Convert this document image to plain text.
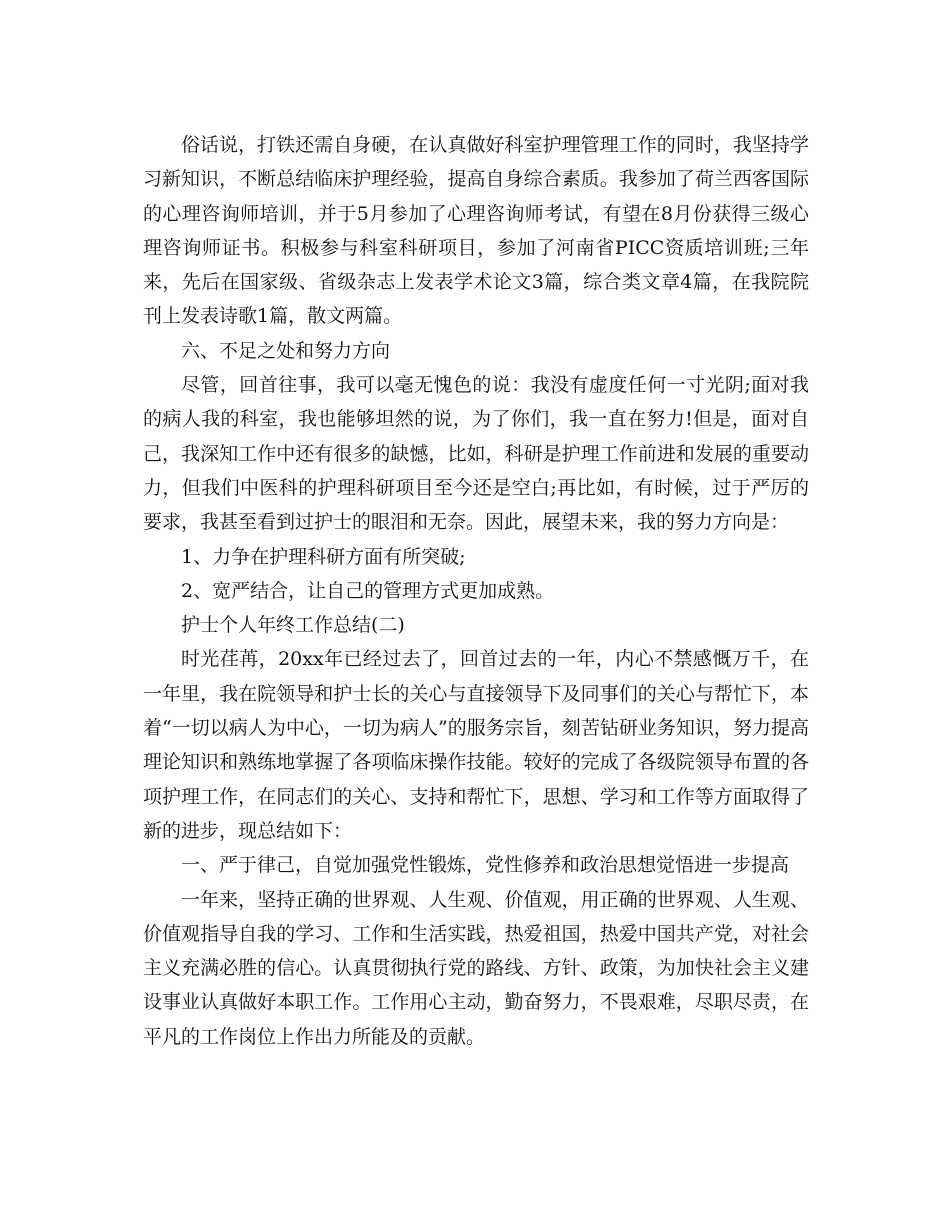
俗话说，打铁还需自身硬，在认真做好科室护理管理工作的同时，我坚持学习新知识，不断总结临床护理经验，提高自身综合素质。我参加了荷兰西客国际的心理咨询师培训，并于5月参加了心理咨询师考试，有望在8月份获得三级心理咨询师证书。积极参与科室科研项目，参加了河南省PICC资质培训班;三年来，先后在国家级、省级杂志上发表学术论文3篇，综合类文章4篇，在我院院刊上发表诗歌1篇，散文两篇。

六、不足之处和努力方向

尽管，回首往事，我可以毫无愧色的说：我没有虚度任何一寸光阴;面对我的病人我的科室，我也能够坦然的说，为了你们，我一直在努力!但是，面对自己，我深知工作中还有很多的缺憾，比如，科研是护理工作前进和发展的重要动力，但我们中医科的护理科研项目至今还是空白;再比如，有时候，过于严厉的要求，我甚至看到过护士的眼泪和无奈。因此，展望未来，我的努力方向是：

1、力争在护理科研方面有所突破;

2、宽严结合，让自己的管理方式更加成熟。

护士个人年终工作总结(二)

时光荏苒，20xx年已经过去了，回首过去的一年，内心不禁感慨万千，在一年里，我在院领导和护士长的关心与直接领导下及同事们的关心与帮忙下，本着“一切以病人为中心，一切为病人”的服务宗旨，刻苦钻研业务知识，努力提高理论知识和熟练地掌握了各项临床操作技能。较好的完成了各级院领导布置的各项护理工作，在同志们的关心、支持和帮忙下，思想、学习和工作等方面取得了新的进步，现总结如下：

一、严于律己，自觉加强党性锻炼，党性修养和政治思想觉悟进一步提高

一年来，坚持正确的世界观、人生观、价值观，用正确的世界观、人生观、价值观指导自我的学习、工作和生活实践，热爱祖国，热爱中国共产党，对社会主义充满必胜的信心。认真贯彻执行党的路线、方针、政策，为加快社会主义建设事业认真做好本职工作。工作用心主动，勤奋努力，不畏艰难，尽职尽责，在平凡的工作岗位上作出力所能及的贡献。
